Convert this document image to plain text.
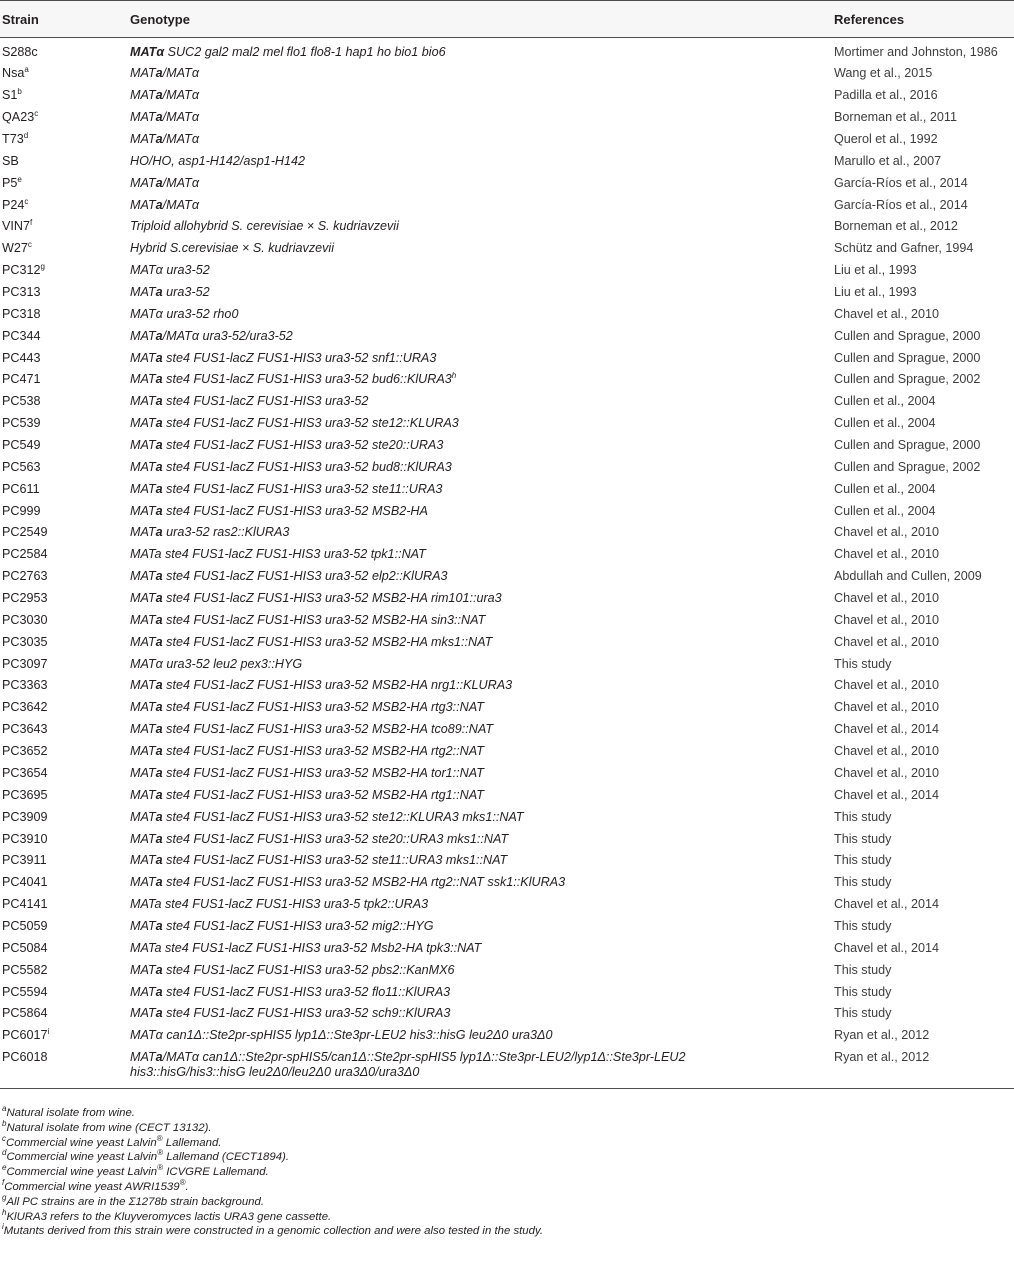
Strain	Genotype	References
S288c	MATα SUC2 gal2 mal2 mel flo1 flo8-1 hap1 ho bio1 bio6	Mortimer and Johnston, 1986
Nsa$^a$	MATa/MATα	Wang et al., 2015
S1$^b$	MATa/MATα	Padilla et al., 2016
QA23$^c$	MATa/MATα	Borneman et al., 2011
T73$^d$	MATa/MATα	Querol et al., 1992
SB	HO/HO, asp1-H142/asp1-H142	Marullo et al., 2007
P5e	MATa/MATα	García-Ríos et al., 2014
P24$^c$	MATa/MATα	García-Ríos et al., 2014
VIN7$^f$	Triploid allohybrid S. cerevisiae × S. kudriavzevii	Borneman et al., 2012
W27$^c$	Hybrid S.cerevisiae × S. kudriavzevii	Schütz and Gafner, 1994
PC312$^g$	MATα ura3-52	Liu et al., 1993
PC313	MATa ura3-52	Liu et al., 1993
PC318	MATα ura3-52 rho0	Chavel et al., 2010
PC344	MATa/MATα ura3-52/ura3-52	Cullen and Sprague, 2000
PC443	MATa ste4 FUS1-lacZ FUS1-HIS3 ura3-52 snf1::URA3	Cullen and Sprague, 2000
PC471	MATa ste4 FUS1-lacZ FUS1-HIS3 ura3-52 bud6::KlURA3$^h$	Cullen and Sprague, 2002
PC538	MATa ste4 FUS1-lacZ FUS1-HIS3 ura3-52	Cullen et al., 2004
PC539	MATa ste4 FUS1-lacZ FUS1-HIS3 ura3-52 ste12::KLURA3	Cullen et al., 2004
PC549	MATa ste4 FUS1-lacZ FUS1-HIS3 ura3-52 ste20::URA3	Cullen and Sprague, 2000
PC563	MATa ste4 FUS1-lacZ FUS1-HIS3 ura3-52 bud8::KlURA3	Cullen and Sprague, 2002
PC611	MATa ste4 FUS1-lacZ FUS1-HIS3 ura3-52 ste11::URA3	Cullen et al., 2004
PC999	MATa ste4 FUS1-lacZ FUS1-HIS3 ura3-52 MSB2-HA	Cullen et al., 2004
PC2549	MATa ura3-52 ras2::KlURA3	Chavel et al., 2010
PC2584	MATa ste4 FUS1-lacZ FUS1-HIS3 ura3-52 tpk1::NAT	Chavel et al., 2010
PC2763	MATa ste4 FUS1-lacZ FUS1-HIS3 ura3-52 elp2::KlURA3	Abdullah and Cullen, 2009
PC2953	MATa ste4 FUS1-lacZ FUS1-HIS3 ura3-52 MSB2-HA rim101::ura3	Chavel et al., 2010
PC3030	MATa ste4 FUS1-lacZ FUS1-HIS3 ura3-52 MSB2-HA sin3::NAT	Chavel et al., 2010
PC3035	MATa ste4 FUS1-lacZ FUS1-HIS3 ura3-52 MSB2-HA mks1::NAT	Chavel et al., 2010
PC3097	MATα ura3-52 leu2 pex3::HYG	This study
PC3363	MATa ste4 FUS1-lacZ FUS1-HIS3 ura3-52 MSB2-HA nrg1::KLURA3	Chavel et al., 2010
PC3642	MATa ste4 FUS1-lacZ FUS1-HIS3 ura3-52 MSB2-HA rtg3::NAT	Chavel et al., 2010
PC3643	MATa ste4 FUS1-lacZ FUS1-HIS3 ura3-52 MSB2-HA tco89::NAT	Chavel et al., 2014
PC3652	MATa ste4 FUS1-lacZ FUS1-HIS3 ura3-52 MSB2-HA rtg2::NAT	Chavel et al., 2010
PC3654	MATa ste4 FUS1-lacZ FUS1-HIS3 ura3-52 MSB2-HA tor1::NAT	Chavel et al., 2010
PC3695	MATa ste4 FUS1-lacZ FUS1-HIS3 ura3-52 MSB2-HA rtg1::NAT	Chavel et al., 2014
PC3909	MATa ste4 FUS1-lacZ FUS1-HIS3 ura3-52 ste12::KLURA3 mks1::NAT	This study
PC3910	MATa ste4 FUS1-lacZ FUS1-HIS3 ura3-52 ste20::URA3 mks1::NAT	This study
PC3911	MATa ste4 FUS1-lacZ FUS1-HIS3 ura3-52 ste11::URA3 mks1::NAT	This study
PC4041	MATa ste4 FUS1-lacZ FUS1-HIS3 ura3-52 MSB2-HA rtg2::NAT ssk1::KlURA3	This study
PC4141	MATa ste4 FUS1-lacZ FUS1-HIS3 ura3-5 tpk2::URA3	Chavel et al., 2014
PC5059	MATa ste4 FUS1-lacZ FUS1-HIS3 ura3-52 mig2::HYG	This study
PC5084	MATa ste4 FUS1-lacZ FUS1-HIS3 ura3-52 Msb2-HA tpk3::NAT	Chavel et al., 2014
PC5582	MATa ste4 FUS1-lacZ FUS1-HIS3 ura3-52 pbs2::KanMX6	This study
PC5594	MATa ste4 FUS1-lacZ FUS1-HIS3 ura3-52 flo11::KlURA3	This study
PC5864	MATa ste4 FUS1-lacZ FUS1-HIS3 ura3-52 sch9::KlURA3	This study
PC6017$^i$	MATα can1Δ::Ste2pr-spHIS5 lyp1Δ::Ste3pr-LEU2 his3::hisG leu2Δ0 ura3Δ0	Ryan et al., 2012
PC6018	MATa/MATα can1Δ::Ste2pr-spHIS5/can1Δ::Ste2pr-spHIS5 lyp1Δ::Ste3pr-LEU2/lyp1Δ::Ste3pr-LEU2
his3::hisG/his3::hisG leu2Δ0/leu2Δ0 ura3Δ0/ura3Δ0	Ryan et al., 2012
$^a$Natural isolate from wine.
$^b$Natural isolate from wine (CECT 13132).
$^c$Commercial wine yeast Lalvin® Lallemand.
$^d$Commercial wine yeast Lalvin® Lallemand (CECT1894).
$^e$Commercial wine yeast Lalvin® ICVGRE Lallemand.
$^f$Commercial wine yeast AWRI1539®.
$^g$All PC strains are in the Σ1278b strain background.
$^h$KlURA3 refers to the Kluyveromyces lactis URA3 gene cassette.
$^i$Mutants derived from this strain were constructed in a genomic collection and were also tested in the study.
